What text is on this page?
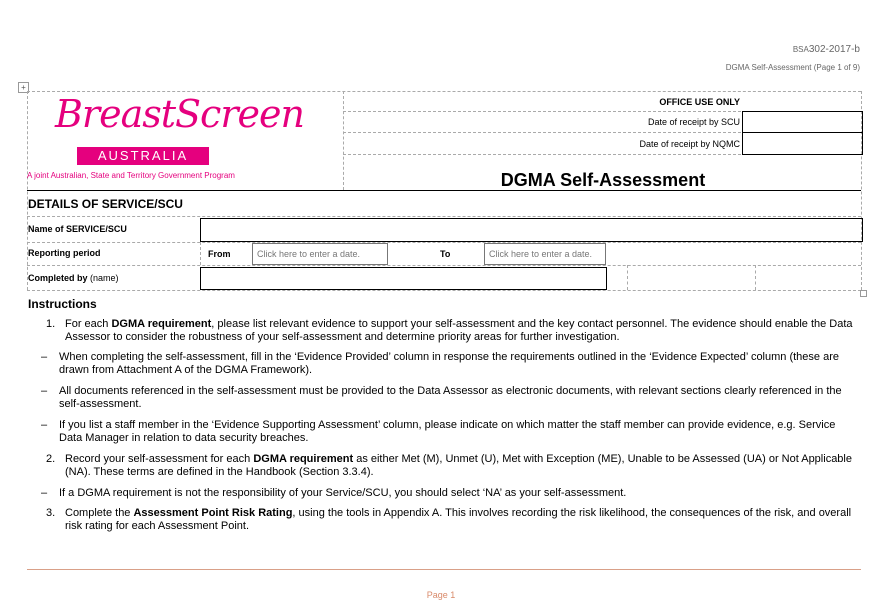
BSA302-2017-b
DGMA Self-Assessment (Page 1 of 9)
+
BreastScreen
AUSTRALIA
A joint Australian, State and Territory Government Program
OFFICE USE ONLY
Date of receipt by SCU
Date of receipt by NQMC
DGMA Self-Assessment
DETAILS OF SERVICE/SCU
Name of SERVICE/SCU
Reporting period	From	Click here to enter a date.	To	Click here to enter a date.
Completed by (name)
Instructions
1. For each DGMA requirement, please list relevant evidence to support your self-assessment and the key contact personnel. The evidence should enable the Data Assessor to consider the robustness of your self-assessment and determine priority areas for further investigation.
– When completing the self-assessment, fill in the ‘Evidence Provided’ column in response the requirements outlined in the ‘Evidence Expected’ column (these are drawn from Attachment A of the DGMA Framework).
– All documents referenced in the self-assessment must be provided to the Data Assessor as electronic documents, with relevant sections clearly referenced in the self-assessment.
– If you list a staff member in the ‘Evidence Supporting Assessment’ column, please indicate on which matter the staff member can provide evidence, e.g. Service Data Manager in relation to data security breaches.
2. Record your self-assessment for each DGMA requirement as either Met (M), Unmet (U), Met with Exception (ME), Unable to be Assessed (UA) or Not Applicable (NA). These terms are defined in the Handbook (Section 3.3.4).
– If a DGMA requirement is not the responsibility of your Service/SCU, you should select ‘NA’ as your self-assessment.
3. Complete the Assessment Point Risk Rating, using the tools in Appendix A. This involves recording the risk likelihood, the consequences of the risk, and overall risk rating for each Assessment Point.
Page 1
